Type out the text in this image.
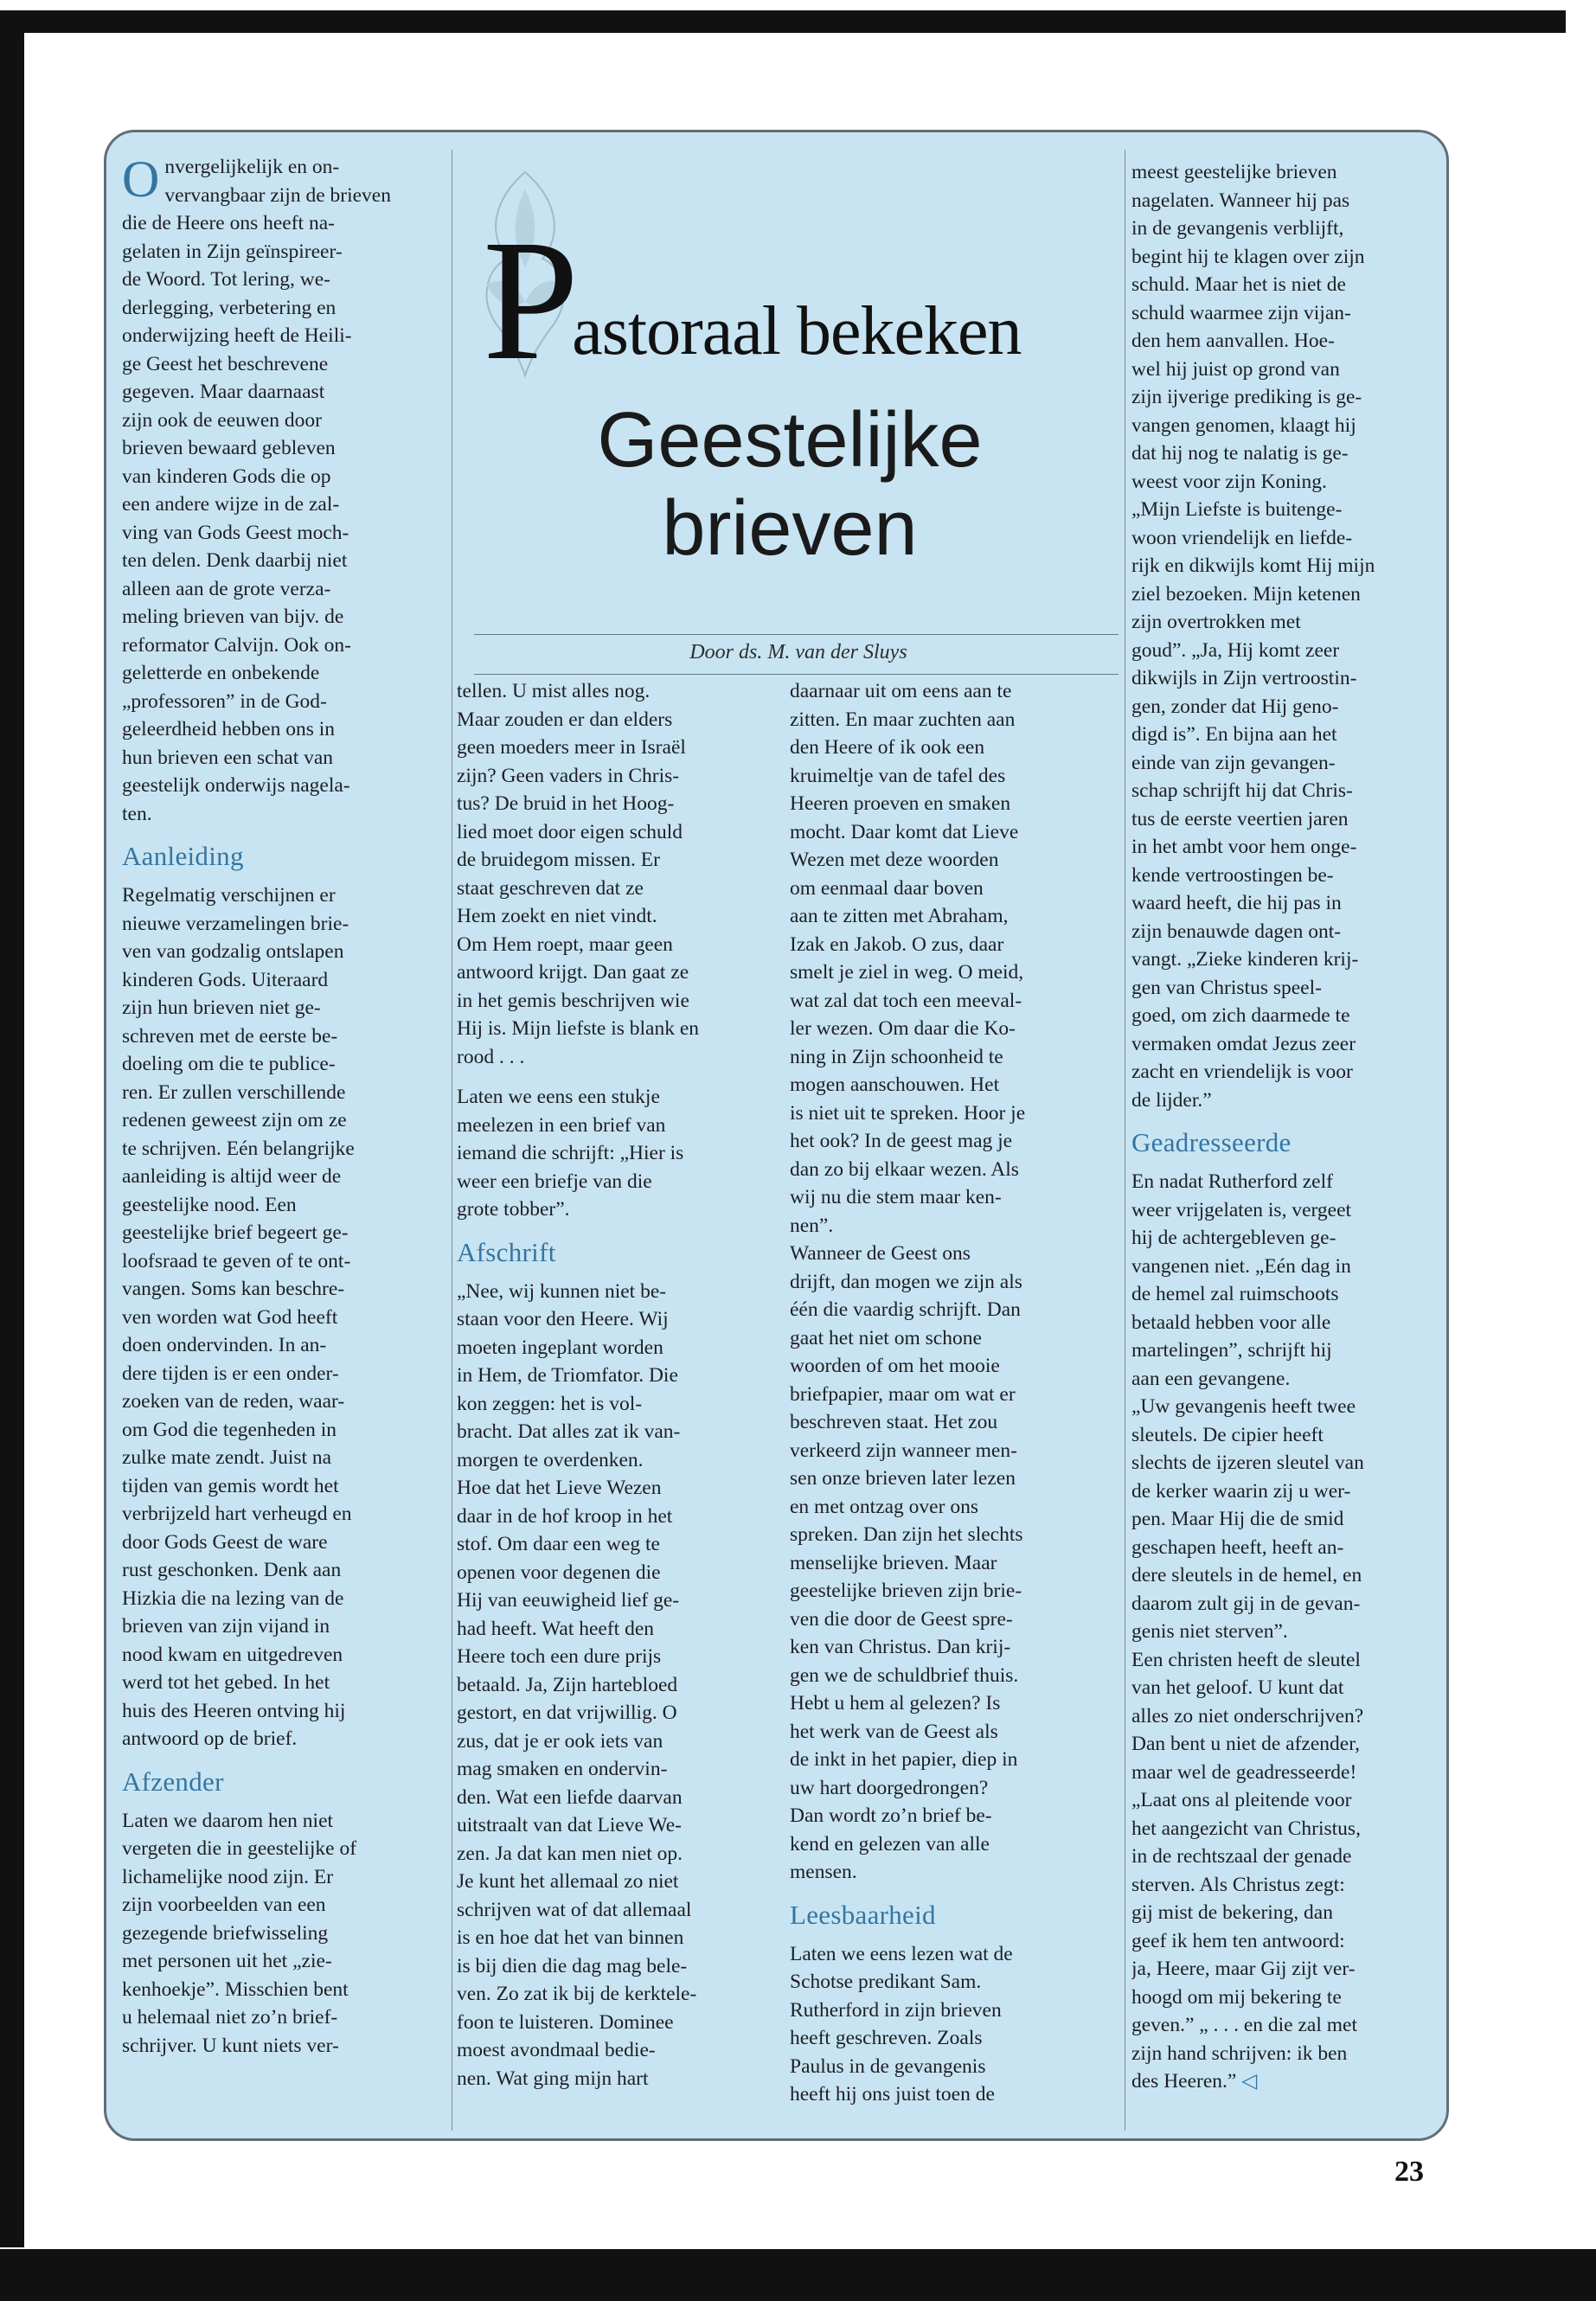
Onvergelijkelijk en on-
vervangbaar zijn de brieven
die de Heere ons heeft na-
gelaten in Zijn geïnspireer-
de Woord. Tot lering, we-
derlegging, verbetering en
onderwijzing heeft de Heili-
ge Geest het beschrevene
gegeven. Maar daarnaast
zijn ook de eeuwen door
brieven bewaard gebleven
van kinderen Gods die op
een andere wijze in de zal-
ving van Gods Geest moch-
ten delen. Denk daarbij niet
alleen aan de grote verza-
meling brieven van bijv. de
reformator Calvijn. Ook on-
geletterde en onbekende
„professoren” in de God-
geleerdheid hebben ons in
hun brieven een schat van
geestelijk onderwijs nagela-
ten.

Aanleiding

Regelmatig verschijnen er
nieuwe verzamelingen brie-
ven van godzalig ontslapen
kinderen Gods. Uiteraard
zijn hun brieven niet ge-
schreven met de eerste be-
doeling om die te publice-
ren. Er zullen verschillende
redenen geweest zijn om ze
te schrijven. Eén belangrijke
aanleiding is altijd weer de
geestelijke nood. Een
geestelijke brief begeert ge-
loofsraad te geven of te ont-
vangen. Soms kan beschre-
ven worden wat God heeft
doen ondervinden. In an-
dere tijden is er een onder-
zoeken van de reden, waar-
om God die tegenheden in
zulke mate zendt. Juist na
tijden van gemis wordt het
verbrijzeld hart verheugd en
door Gods Geest de ware
rust geschonken. Denk aan
Hizkia die na lezing van de
brieven van zijn vijand in
nood kwam en uitgedreven
werd tot het gebed. In het
huis des Heeren ontving hij
antwoord op de brief.

Afzender

Laten we daarom hen niet
vergeten die in geestelijke of
lichamelijke nood zijn. Er
zijn voorbeelden van een
gezegende briefwisseling
met personen uit het „zie-
kenhoekje”. Misschien bent
u helemaal niet zo’n brief-
schrijver. U kunt niets ver-

Pastoraal bekeken
Geestelijke
brieven
Door ds. M. van der Sluys

tellen. U mist alles nog.
Maar zouden er dan elders
geen moeders meer in Israël
zijn? Geen vaders in Chris-
tus? De bruid in het Hoog-
lied moet door eigen schuld
de bruidegom missen. Er
staat geschreven dat ze
Hem zoekt en niet vindt.
Om Hem roept, maar geen
antwoord krijgt. Dan gaat ze
in het gemis beschrijven wie
Hij is. Mijn liefste is blank en
rood . . .

Laten we eens een stukje
meelezen in een brief van
iemand die schrijft: „Hier is
weer een briefje van die
grote tobber”.

Afschrift

„Nee, wij kunnen niet be-
staan voor den Heere. Wij
moeten ingeplant worden
in Hem, de Triomfator. Die
kon zeggen: het is vol-
bracht. Dat alles zat ik van-
morgen te overdenken.
Hoe dat het Lieve Wezen
daar in de hof kroop in het
stof. Om daar een weg te
openen voor degenen die
Hij van eeuwigheid lief ge-
had heeft. Wat heeft den
Heere toch een dure prijs
betaald. Ja, Zijn hartebloed
gestort, en dat vrijwillig. O
zus, dat je er ook iets van
mag smaken en ondervin-
den. Wat een liefde daarvan
uitstraalt van dat Lieve We-
zen. Ja dat kan men niet op.
Je kunt het allemaal zo niet
schrijven wat of dat allemaal
is en hoe dat het van binnen
is bij dien die dag mag bele-
ven. Zo zat ik bij de kerktele-
foon te luisteren. Dominee
moest avondmaal bedie-
nen. Wat ging mijn hart

daarnaar uit om eens aan te
zitten. En maar zuchten aan
den Heere of ik ook een
kruimeltje van de tafel des
Heeren proeven en smaken
mocht. Daar komt dat Lieve
Wezen met deze woorden
om eenmaal daar boven
aan te zitten met Abraham,
Izak en Jakob. O zus, daar
smelt je ziel in weg. O meid,
wat zal dat toch een meeval-
ler wezen. Om daar die Ko-
ning in Zijn schoonheid te
mogen aanschouwen. Het
is niet uit te spreken. Hoor je
het ook? In de geest mag je
dan zo bij elkaar wezen. Als
wij nu die stem maar ken-
nen”.

Wanneer de Geest ons
drijft, dan mogen we zijn als
één die vaardig schrijft. Dan
gaat het niet om schone
woorden of om het mooie
briefpapier, maar om wat er
beschreven staat. Het zou
verkeerd zijn wanneer men-
sen onze brieven later lezen
en met ontzag over ons
spreken. Dan zijn het slechts
menselijke brieven. Maar
geestelijke brieven zijn brie-
ven die door de Geest spre-
ken van Christus. Dan krij-
gen we de schuldbrief thuis.
Hebt u hem al gelezen? Is
het werk van de Geest als
de inkt in het papier, diep in
uw hart doorgedrongen?
Dan wordt zo’n brief be-
kend en gelezen van alle
mensen.

Leesbaarheid

Laten we eens lezen wat de
Schotse predikant Sam.
Rutherford in zijn brieven
heeft geschreven. Zoals
Paulus in de gevangenis
heeft hij ons juist toen de

meest geestelijke brieven
nagelaten. Wanneer hij pas
in de gevangenis verblijft,
begint hij te klagen over zijn
schuld. Maar het is niet de
schuld waarmee zijn vijan-
den hem aanvallen. Hoe-
wel hij juist op grond van
zijn ijverige prediking is ge-
vangen genomen, klaagt hij
dat hij nog te nalatig is ge-
weest voor zijn Koning.
„Mijn Liefste is buitenge-
woon vriendelijk en liefde-
rijk en dikwijls komt Hij mijn
ziel bezoeken. Mijn ketenen
zijn overtrokken met
goud”. „Ja, Hij komt zeer
dikwijls in Zijn vertroostin-
gen, zonder dat Hij geno-
digd is”. En bijna aan het
einde van zijn gevangen-
schap schrijft hij dat Chris-
tus de eerste veertien jaren
in het ambt voor hem onge-
kende vertroostingen be-
waard heeft, die hij pas in
zijn benauwde dagen ont-
vangt. „Zieke kinderen krij-
gen van Christus speel-
goed, om zich daarmede te
vermaken omdat Jezus zeer
zacht en vriendelijk is voor
de lijder.”

Geadresseerde

En nadat Rutherford zelf
weer vrijgelaten is, vergeet
hij de achtergebleven ge-
vangenen niet. „Eén dag in
de hemel zal ruimschoots
betaald hebben voor alle
martelingen”, schrijft hij
aan een gevangene.
„Uw gevangenis heeft twee
sleutels. De cipier heeft
slechts de ijzeren sleutel van
de kerker waarin zij u wer-
pen. Maar Hij die de smid
geschapen heeft, heeft an-
dere sleutels in de hemel, en
daarom zult gij in de gevan-
genis niet sterven”.
Een christen heeft de sleutel
van het geloof. U kunt dat
alles zo niet onderschrijven?
Dan bent u niet de afzender,
maar wel de geadresseerde!
„Laat ons al pleitende voor
het aangezicht van Christus,
in de rechtszaal der genade
sterven. Als Christus zegt:
gij mist de bekering, dan
geef ik hem ten antwoord:
ja, Heere, maar Gij zijt ver-
hoogd om mij bekering te
geven.” „ . . . en die zal met
zijn hand schrijven: ik ben
des Heeren.” ◁

23
